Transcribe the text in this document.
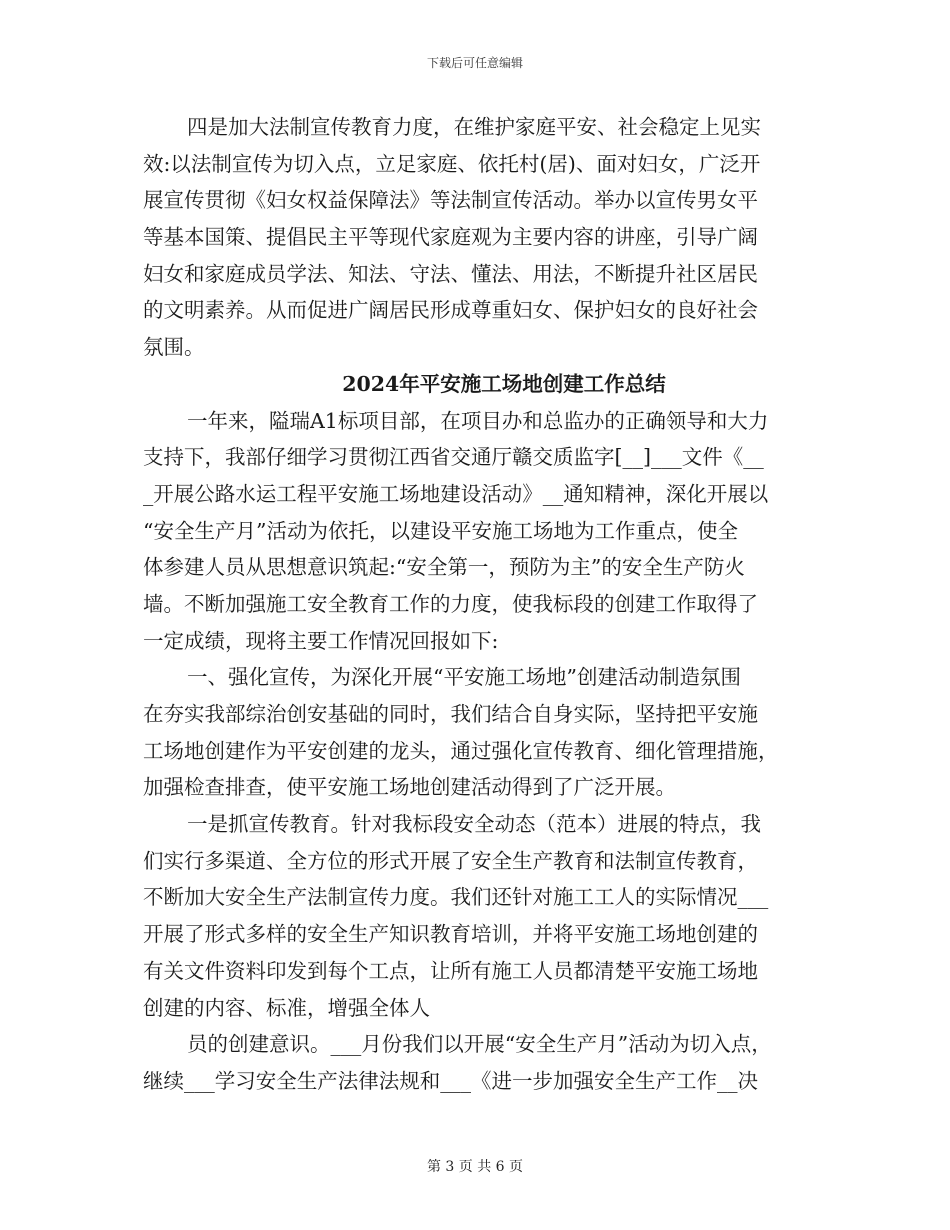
下载后可任意编辑
四是加大法制宣传教育力度，在维护家庭平安、社会稳定上见实
效:以法制宣传为切入点，立足家庭、依托村(居)、面对妇女，广泛开
展宣传贯彻《妇女权益保障法》等法制宣传活动。举办以宣传男女平
等基本国策、提倡民主平等现代家庭观为主要内容的讲座，引导广阔
妇女和家庭成员学法、知法、守法、懂法、用法，不断提升社区居民
的文明素养。从而促进广阔居民形成尊重妇女、保护妇女的良好社会
氛围。
2024年平安施工场地创建工作总结
一年来，隘瑞A1标项目部，在项目办和总监办的正确领导和大力
支持下，我部仔细学习贯彻江西省交通厅赣交质监字[__]___文件《__
_开展公路水运工程平安施工场地建设活动》__通知精神，深化开展以
“安全生产月”活动为依托，以建设平安施工场地为工作重点，使全
体参建人员从思想意识筑起:“安全第一，预防为主”的安全生产防火
墙。不断加强施工安全教育工作的力度，使我标段的创建工作取得了
一定成绩，现将主要工作情况回报如下:
一、强化宣传，为深化开展“平安施工场地”创建活动制造氛围
在夯实我部综治创安基础的同时，我们结合自身实际，坚持把平安施
工场地创建作为平安创建的龙头，通过强化宣传教育、细化管理措施，
加强检查排查，使平安施工场地创建活动得到了广泛开展。
一是抓宣传教育。针对我标段安全动态（范本）进展的特点，我
们实行多渠道、全方位的形式开展了安全生产教育和法制宣传教育，
不断加大安全生产法制宣传力度。我们还针对施工工人的实际情况___
开展了形式多样的安全生产知识教育培训，并将平安施工场地创建的
有关文件资料印发到每个工点，让所有施工人员都清楚平安施工场地
创建的内容、标准，增强全体人
员的创建意识。___月份我们以开展“安全生产月”活动为切入点，
继续___学习安全生产法律法规和___《进一步加强安全生产工作__决
第 3 页 共 6 页
